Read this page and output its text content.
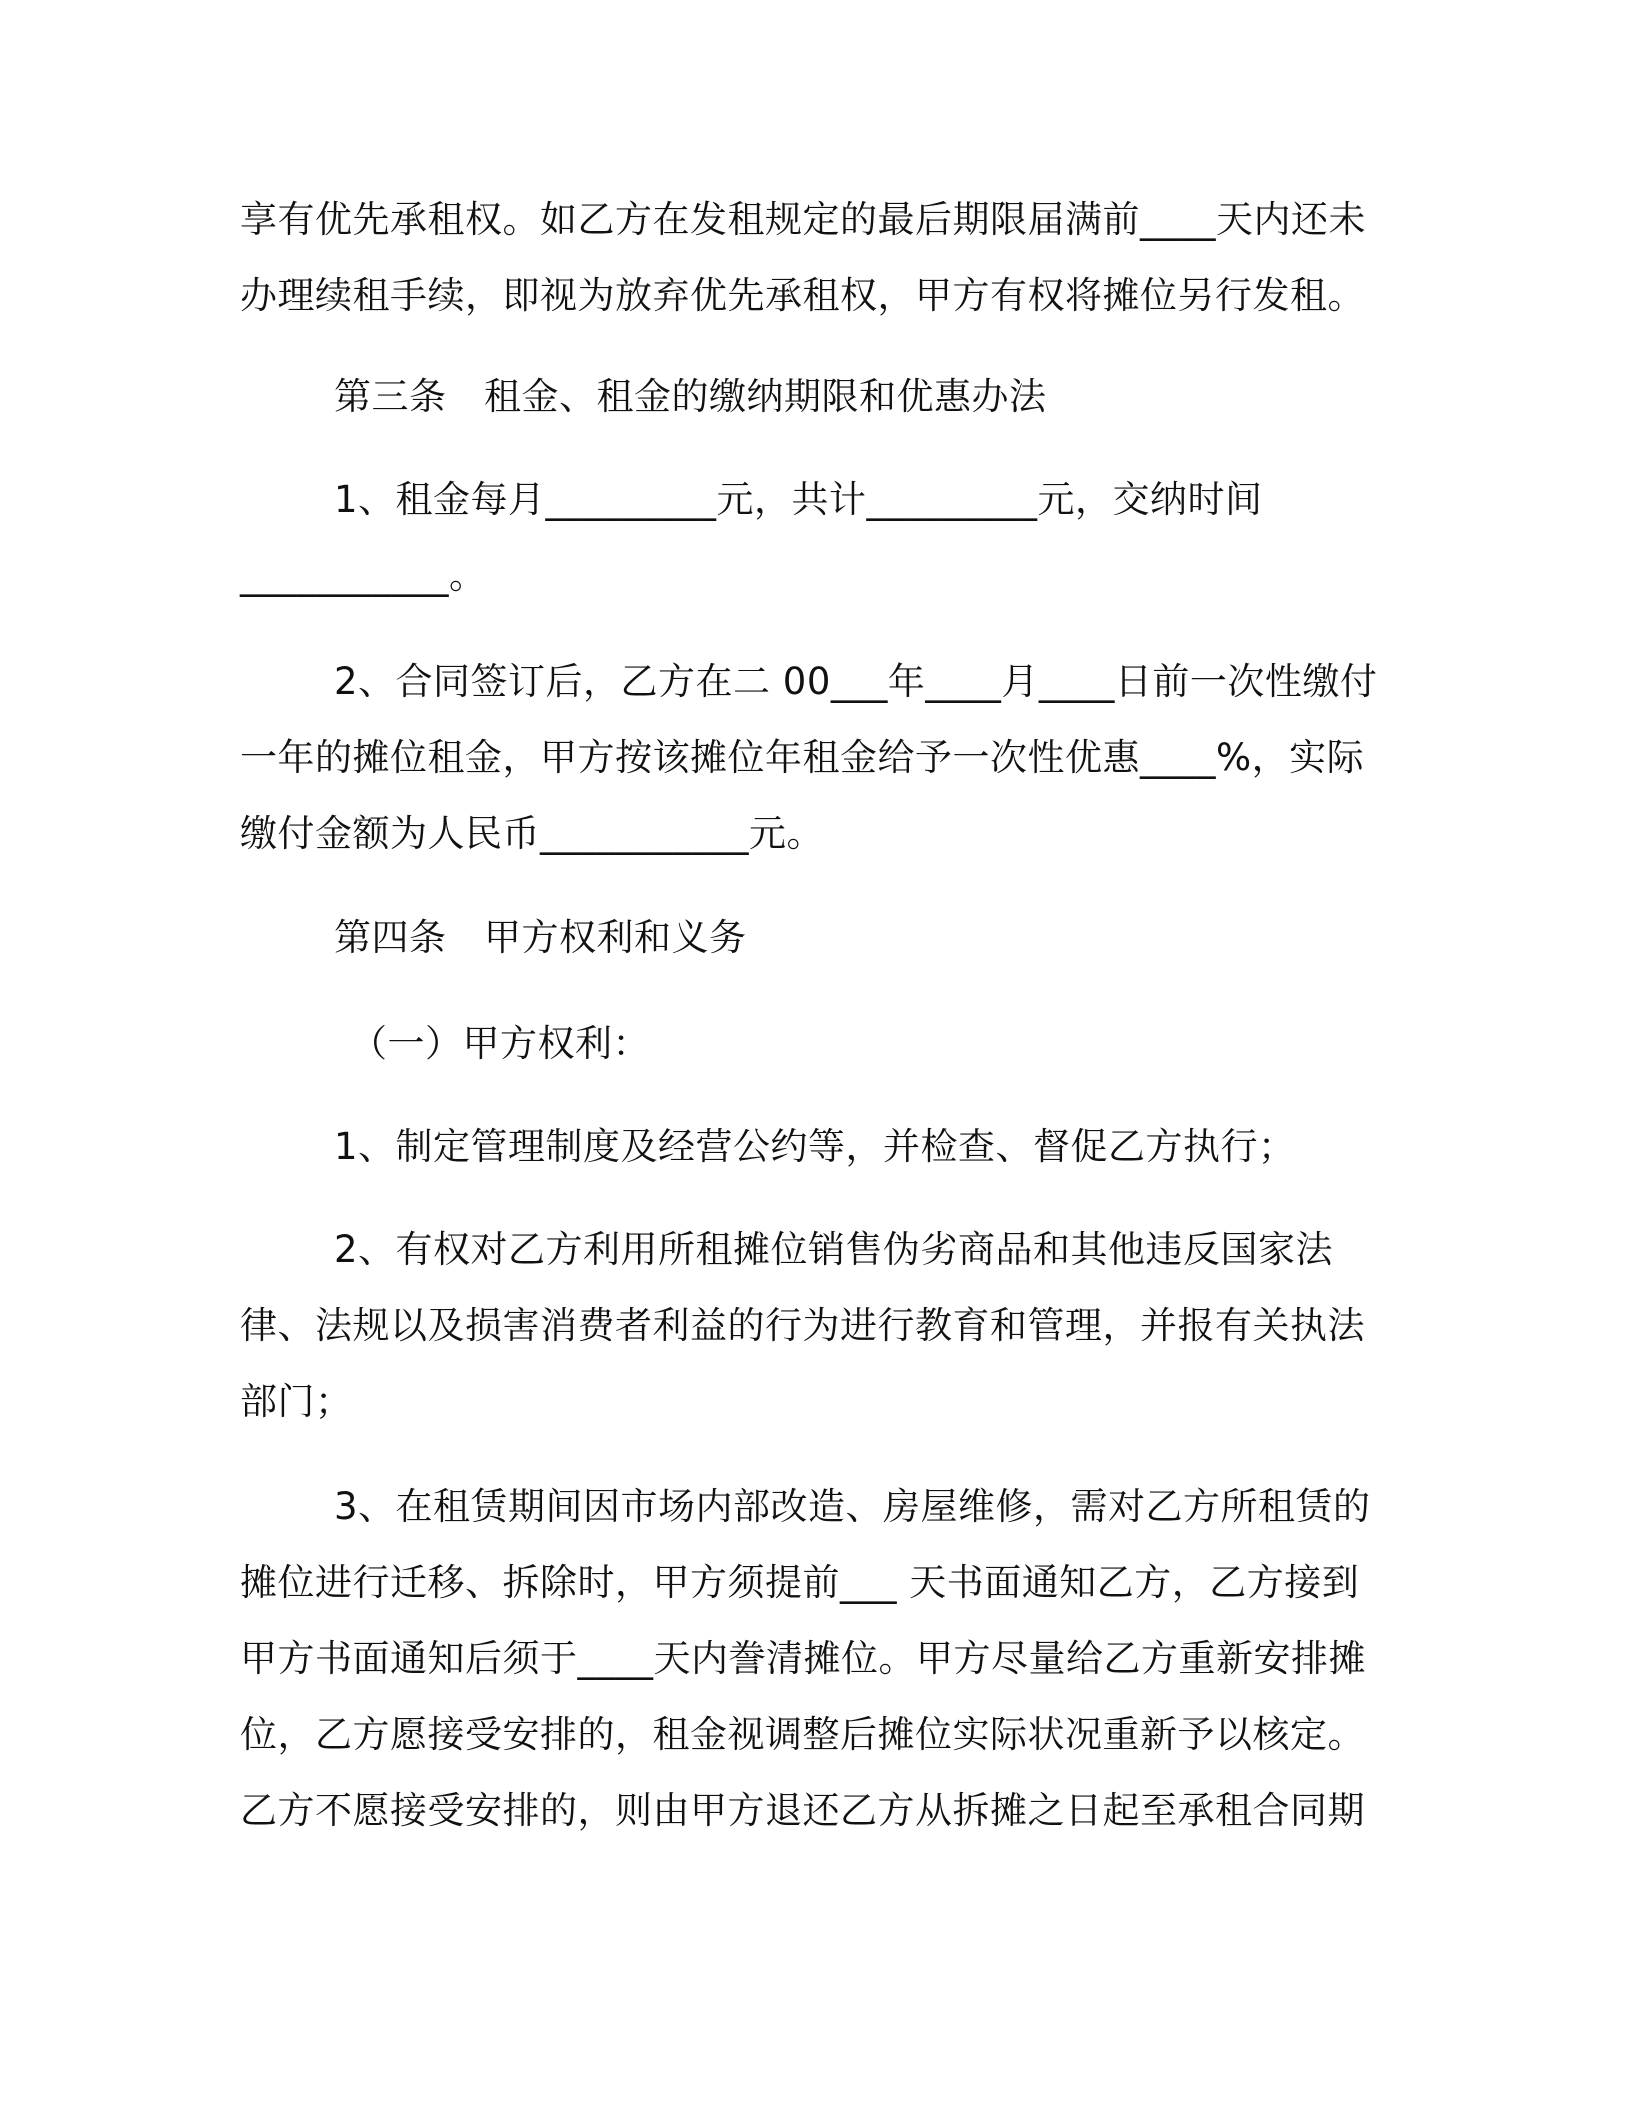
享有优先承租权。如乙方在发租规定的最后期限届满前____天内还未
办理续租手续，即视为放弃优先承租权，甲方有权将摊位另行发租。
第三条　租金、租金的缴纳期限和优惠办法
1、租金每月_________元，共计_________元，交纳时间
___________。
2、合同签订后，乙方在二 00___年____月____日前一次性缴付
一年的摊位租金，甲方按该摊位年租金给予一次性优惠____%，实际
缴付金额为人民币___________元。
第四条　甲方权利和义务
（一）甲方权利：
1、制定管理制度及经营公约等，并检查、督促乙方执行；
2、有权对乙方利用所租摊位销售伪劣商品和其他违反国家法
律、法规以及损害消费者利益的行为进行教育和管理，并报有关执法
部门；
3、在租赁期间因市场内部改造、房屋维修，需对乙方所租赁的
摊位进行迁移、拆除时，甲方须提前___ 天书面通知乙方，乙方接到
甲方书面通知后须于____天内誊清摊位。甲方尽量给乙方重新安排摊
位，乙方愿接受安排的，租金视调整后摊位实际状况重新予以核定。
乙方不愿接受安排的，则由甲方退还乙方从拆摊之日起至承租合同期
